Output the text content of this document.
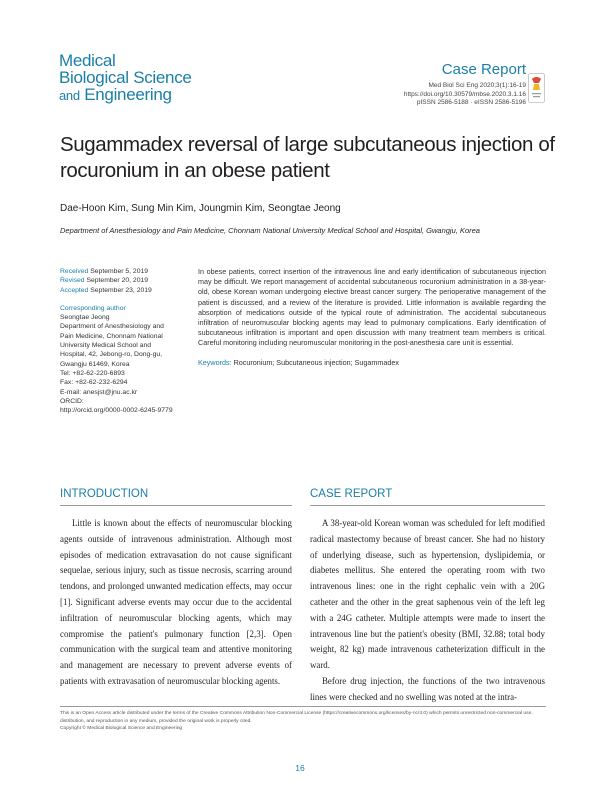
Medical
Biological Science
and Engineering
Case Report
Med Biol Sci Eng 2020;3(1):16-19
https://doi.org/10.30579/mbse.2020.3.1.16
pISSN 2586-5188 · eISSN 2586-5196
Sugammadex reversal of large subcutaneous injection of rocuronium in an obese patient
Dae-Hoon Kim, Sung Min Kim, Joungmin Kim, Seongtae Jeong
Department of Anesthesiology and Pain Medicine, Chonnam National University Medical School and Hospital, Gwangju, Korea
Received September 5, 2019
Revised September 20, 2019
Accepted September 23, 2019
Corresponding author
Seongtae Jeong
Department of Anesthesiology and
Pain Medicine, Chonnam National
University Medical School and
Hospital, 42, Jebong-ro, Dong-gu,
Gwangju 61469, Korea
Tel: +82-62-220-6893
Fax: +82-62-232-6294
E-mail: anesjst@jnu.ac.kr
ORCID:
http://orcid.org/0000-0002-6245-9779
In obese patients, correct insertion of the intravenous line and early identification of subcutaneous injection may be difficult. We report management of accidental subcutaneous rocuronium administration in a 38-year-old, obese Korean woman undergoing elective breast cancer surgery. The perioperative management of the patient is discussed, and a review of the literature is provided. Little information is available regarding the absorption of medications outside of the typical route of administration. The accidental subcutaneous infiltration of neuromuscular blocking agents may lead to pulmonary complications. Early identification of subcutaneous infiltration is important and open discussion with many treatment team members is critical. Careful monitoring including neuromuscular monitoring in the post-anesthesia care unit is essential.
Keywords: Rocuronium; Subcutaneous injection; Sugammadex
INTRODUCTION

Little is known about the effects of neuromuscular blocking agents outside of intravenous administration. Although most episodes of medication extravasation do not cause significant sequelae, serious injury, such as tissue necrosis, scarring around tendons, and prolonged unwanted medication effects, may occur [1]. Significant adverse events may occur due to the accidental infiltration of neuromuscular blocking agents, which may compromise the patient's pulmonary function [2,3]. Open communication with the surgical team and attentive monitoring and management are necessary to prevent adverse events of patients with extravasation of neuromuscular blocking agents.

CASE REPORT

A 38-year-old Korean woman was scheduled for left modified radical mastectomy because of breast cancer. She had no history of underlying disease, such as hypertension, dyslipidemia, or diabetes mellitus. She entered the operating room with two intravenous lines: one in the right cephalic vein with a 20G catheter and the other in the great saphenous vein of the left leg with a 24G catheter. Multiple attempts were made to insert the intravenous line but the patient's obesity (BMI, 32.88; total body weight, 82 kg) made intravenous catheterization difficult in the ward.

Before drug injection, the functions of the two intravenous lines were checked and no swelling was noted at the intra-

This is an Open Access article distributed under the terms of the Creative Commons Attribution Non-Commercial License (https://creativecommons.org/licenses/by-nc/4.0) which permits unrestricted non-commercial use, distribution, and reproduction in any medium, provided the original work is properly cited.
Copyright © Medical Biological Science and Engineering
16
